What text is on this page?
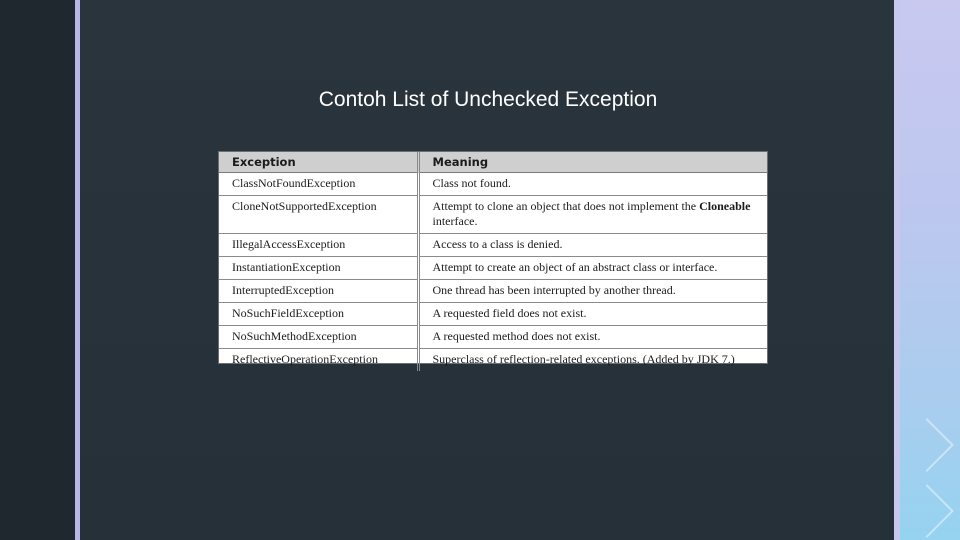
Contoh List of Unchecked Exception
Exception	Meaning
ClassNotFoundException	Class not found.
CloneNotSupportedException	Attempt to clone an object that does not implement the Cloneable interface.
IllegalAccessException	Access to a class is denied.
InstantiationException	Attempt to create an object of an abstract class or interface.
InterruptedException	One thread has been interrupted by another thread.
NoSuchFieldException	A requested field does not exist.
NoSuchMethodException	A requested method does not exist.
ReflectiveOperationException	Superclass of reflection-related exceptions. (Added by JDK 7.)
